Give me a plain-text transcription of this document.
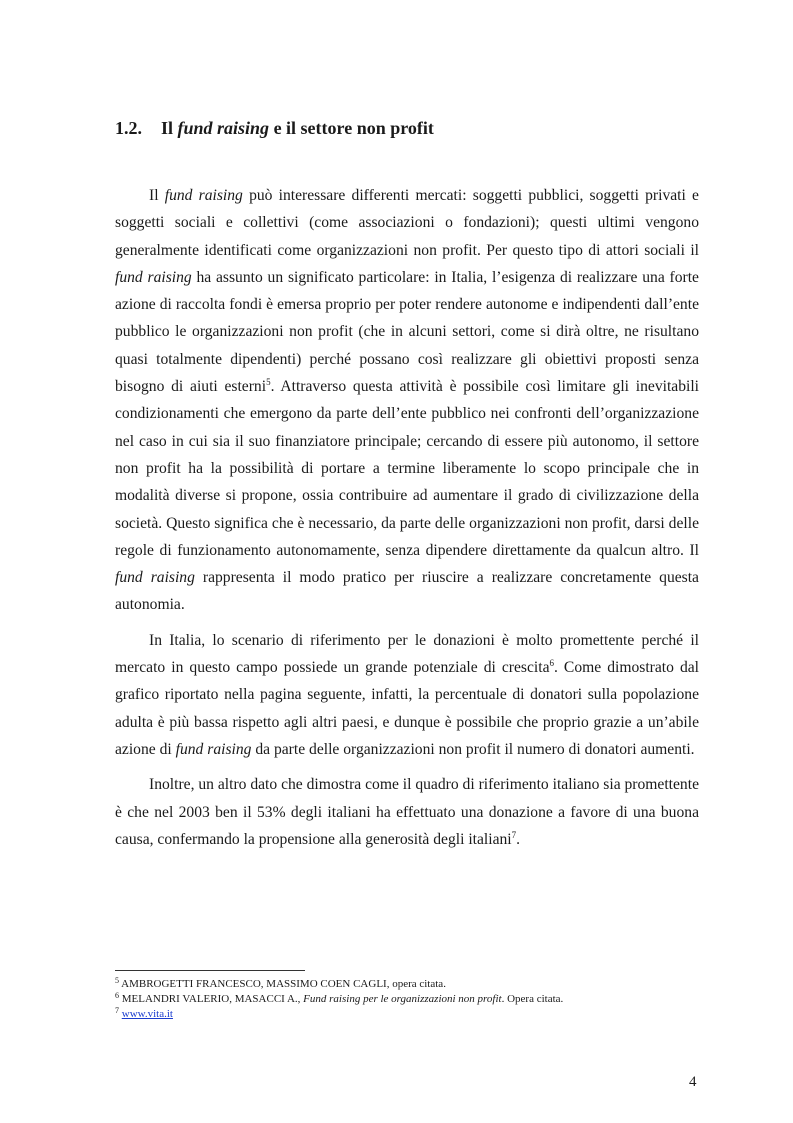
1.2. Il fund raising e il settore non profit

Il fund raising può interessare differenti mercati: soggetti pubblici, soggetti privati e soggetti sociali e collettivi (come associazioni o fondazioni); questi ultimi vengono generalmente identificati come organizzazioni non profit. Per questo tipo di attori sociali il fund raising ha assunto un significato particolare: in Italia, l’esigenza di realizzare una forte azione di raccolta fondi è emersa proprio per poter rendere autonome e indipendenti dall’ente pubblico le organizzazioni non profit (che in alcuni settori, come si dirà oltre, ne risultano quasi totalmente dipendenti) perché possano così realizzare gli obiettivi proposti senza bisogno di aiuti esterni$^5$. Attraverso questa attività è possibile così limitare gli inevitabili condizionamenti che emergono da parte dell’ente pubblico nei confronti dell’organizzazione nel caso in cui sia il suo finanziatore principale; cercando di essere più autonomo, il settore non profit ha la possibilità di portare a termine liberamente lo scopo principale che in modalità diverse si propone, ossia contribuire ad aumentare il grado di civilizzazione della società. Questo significa che è necessario, da parte delle organizzazioni non profit, darsi delle regole di funzionamento autonomamente, senza dipendere direttamente da qualcun altro. Il fund raising rappresenta il modo pratico per riuscire a realizzare concretamente questa autonomia.

In Italia, lo scenario di riferimento per le donazioni è molto promettente perché il mercato in questo campo possiede un grande potenziale di crescita$^6$. Come dimostrato dal grafico riportato nella pagina seguente, infatti, la percentuale di donatori sulla popolazione adulta è più bassa rispetto agli altri paesi, e dunque è possibile che proprio grazie a un’abile azione di fund raising da parte delle organizzazioni non profit il numero di donatori aumenti.

Inoltre, un altro dato che dimostra come il quadro di riferimento italiano sia promettente è che nel 2003 ben il 53% degli italiani ha effettuato una donazione a favore di una buona causa, confermando la propensione alla generosità degli italiani$^7$.

$^5$ AMBROGETTI FRANCESCO, MASSIMO COEN CAGLI, opera citata.
$^6$ MELANDRI VALERIO, MASACCI A., Fund raising per le organizzazioni non profit. Opera citata.
$^7$ www.vita.it
4
